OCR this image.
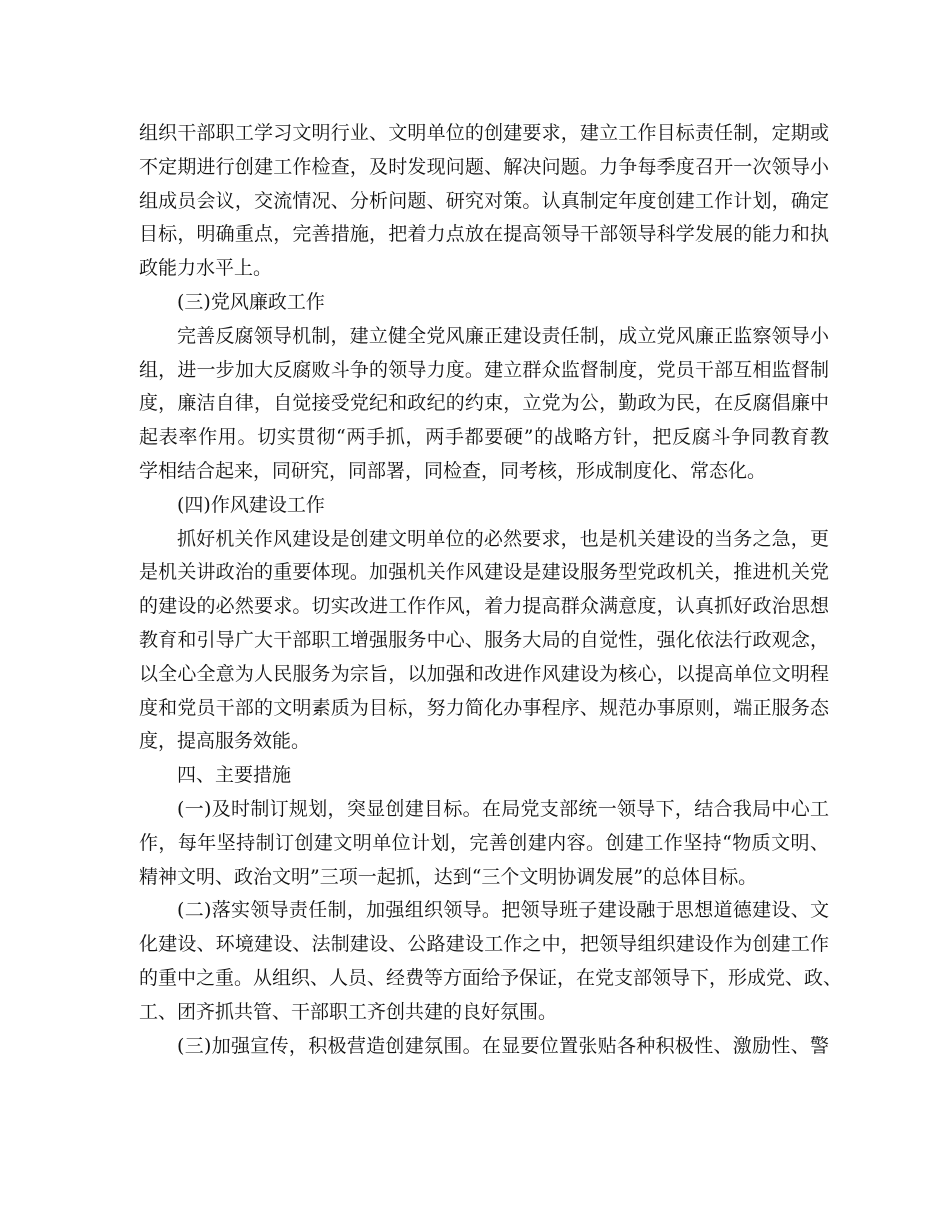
组织干部职工学习文明行业、文明单位的创建要求，建立工作目标责任制，定期或
不定期进行创建工作检查，及时发现问题、解决问题。力争每季度召开一次领导小
组成员会议，交流情况、分析问题、研究对策。认真制定年度创建工作计划，确定
目标，明确重点，完善措施，把着力点放在提高领导干部领导科学发展的能力和执
政能力水平上。
(三)党风廉政工作
完善反腐领导机制，建立健全党风廉正建设责任制，成立党风廉正监察领导小
组，进一步加大反腐败斗争的领导力度。建立群众监督制度，党员干部互相监督制
度，廉洁自律，自觉接受党纪和政纪的约束，立党为公，勤政为民，在反腐倡廉中
起表率作用。切实贯彻“两手抓，两手都要硬”的战略方针，把反腐斗争同教育教
学相结合起来，同研究，同部署，同检查，同考核，形成制度化、常态化。
(四)作风建设工作
抓好机关作风建设是创建文明单位的必然要求，也是机关建设的当务之急，更
是机关讲政治的重要体现。加强机关作风建设是建设服务型党政机关，推进机关党
的建设的必然要求。切实改进工作作风，着力提高群众满意度，认真抓好政治思想
教育和引导广大干部职工增强服务中心、服务大局的自觉性，强化依法行政观念，
以全心全意为人民服务为宗旨，以加强和改进作风建设为核心，以提高单位文明程
度和党员干部的文明素质为目标，努力简化办事程序、规范办事原则，端正服务态
度，提高服务效能。
四、主要措施
(一)及时制订规划，突显创建目标。在局党支部统一领导下，结合我局中心工
作，每年坚持制订创建文明单位计划，完善创建内容。创建工作坚持“物质文明、
精神文明、政治文明”三项一起抓，达到“三个文明协调发展”的总体目标。
(二)落实领导责任制，加强组织领导。把领导班子建设融于思想道德建设、文
化建设、环境建设、法制建设、公路建设工作之中，把领导组织建设作为创建工作
的重中之重。从组织、人员、经费等方面给予保证，在党支部领导下，形成党、政、
工、团齐抓共管、干部职工齐创共建的良好氛围。
(三)加强宣传，积极营造创建氛围。在显要位置张贴各种积极性、激励性、警
